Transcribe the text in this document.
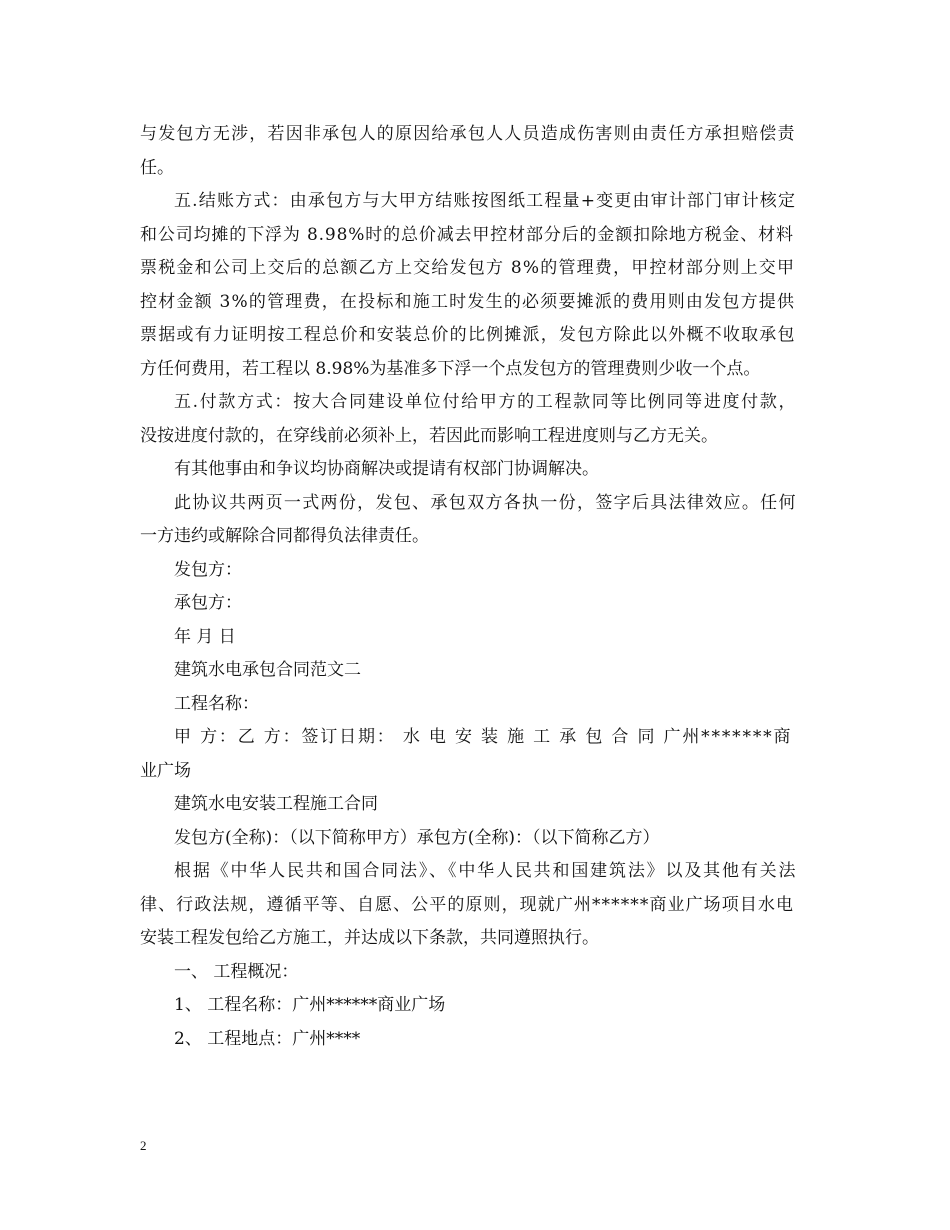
与发包方无涉，若因非承包人的原因给承包人人员造成伤害则由责任方承担赔偿责
任。
五.结账方式：由承包方与大甲方结账按图纸工程量+变更由审计部门审计核定
和公司均摊的下浮为 8.98%时的总价减去甲控材部分后的金额扣除地方税金、材料
票税金和公司上交后的总额乙方上交给发包方 8%的管理费，甲控材部分则上交甲
控材金额 3%的管理费，在投标和施工时发生的必须要摊派的费用则由发包方提供
票据或有力证明按工程总价和安装总价的比例摊派，发包方除此以外概不收取承包
方任何费用，若工程以 8.98%为基准多下浮一个点发包方的管理费则少收一个点。
五.付款方式：按大合同建设单位付给甲方的工程款同等比例同等进度付款，
没按进度付款的，在穿线前必须补上，若因此而影响工程进度则与乙方无关。
有其他事由和争议均协商解决或提请有权部门协调解决。
此协议共两页一式两份，发包、承包双方各执一份，签字后具法律效应。任何
一方违约或解除合同都得负法律责任。
发包方：
承包方：
年 月 日
建筑水电承包合同范文二
工程名称：
甲 方：乙 方：签订日期： 水 电 安 装 施 工 承 包 合 同 广州*******商
业广场
建筑水电安装工程施工合同
发包方(全称)：（以下简称甲方）承包方(全称)：（以下简称乙方）
根据《中华人民共和国合同法》、《中华人民共和国建筑法》以及其他有关法
律、行政法规，遵循平等、自愿、公平的原则，现就广州******商业广场项目水电
安装工程发包给乙方施工，并达成以下条款，共同遵照执行。
一、 工程概况：
1、 工程名称：广州******商业广场
2、 工程地点：广州****
2
